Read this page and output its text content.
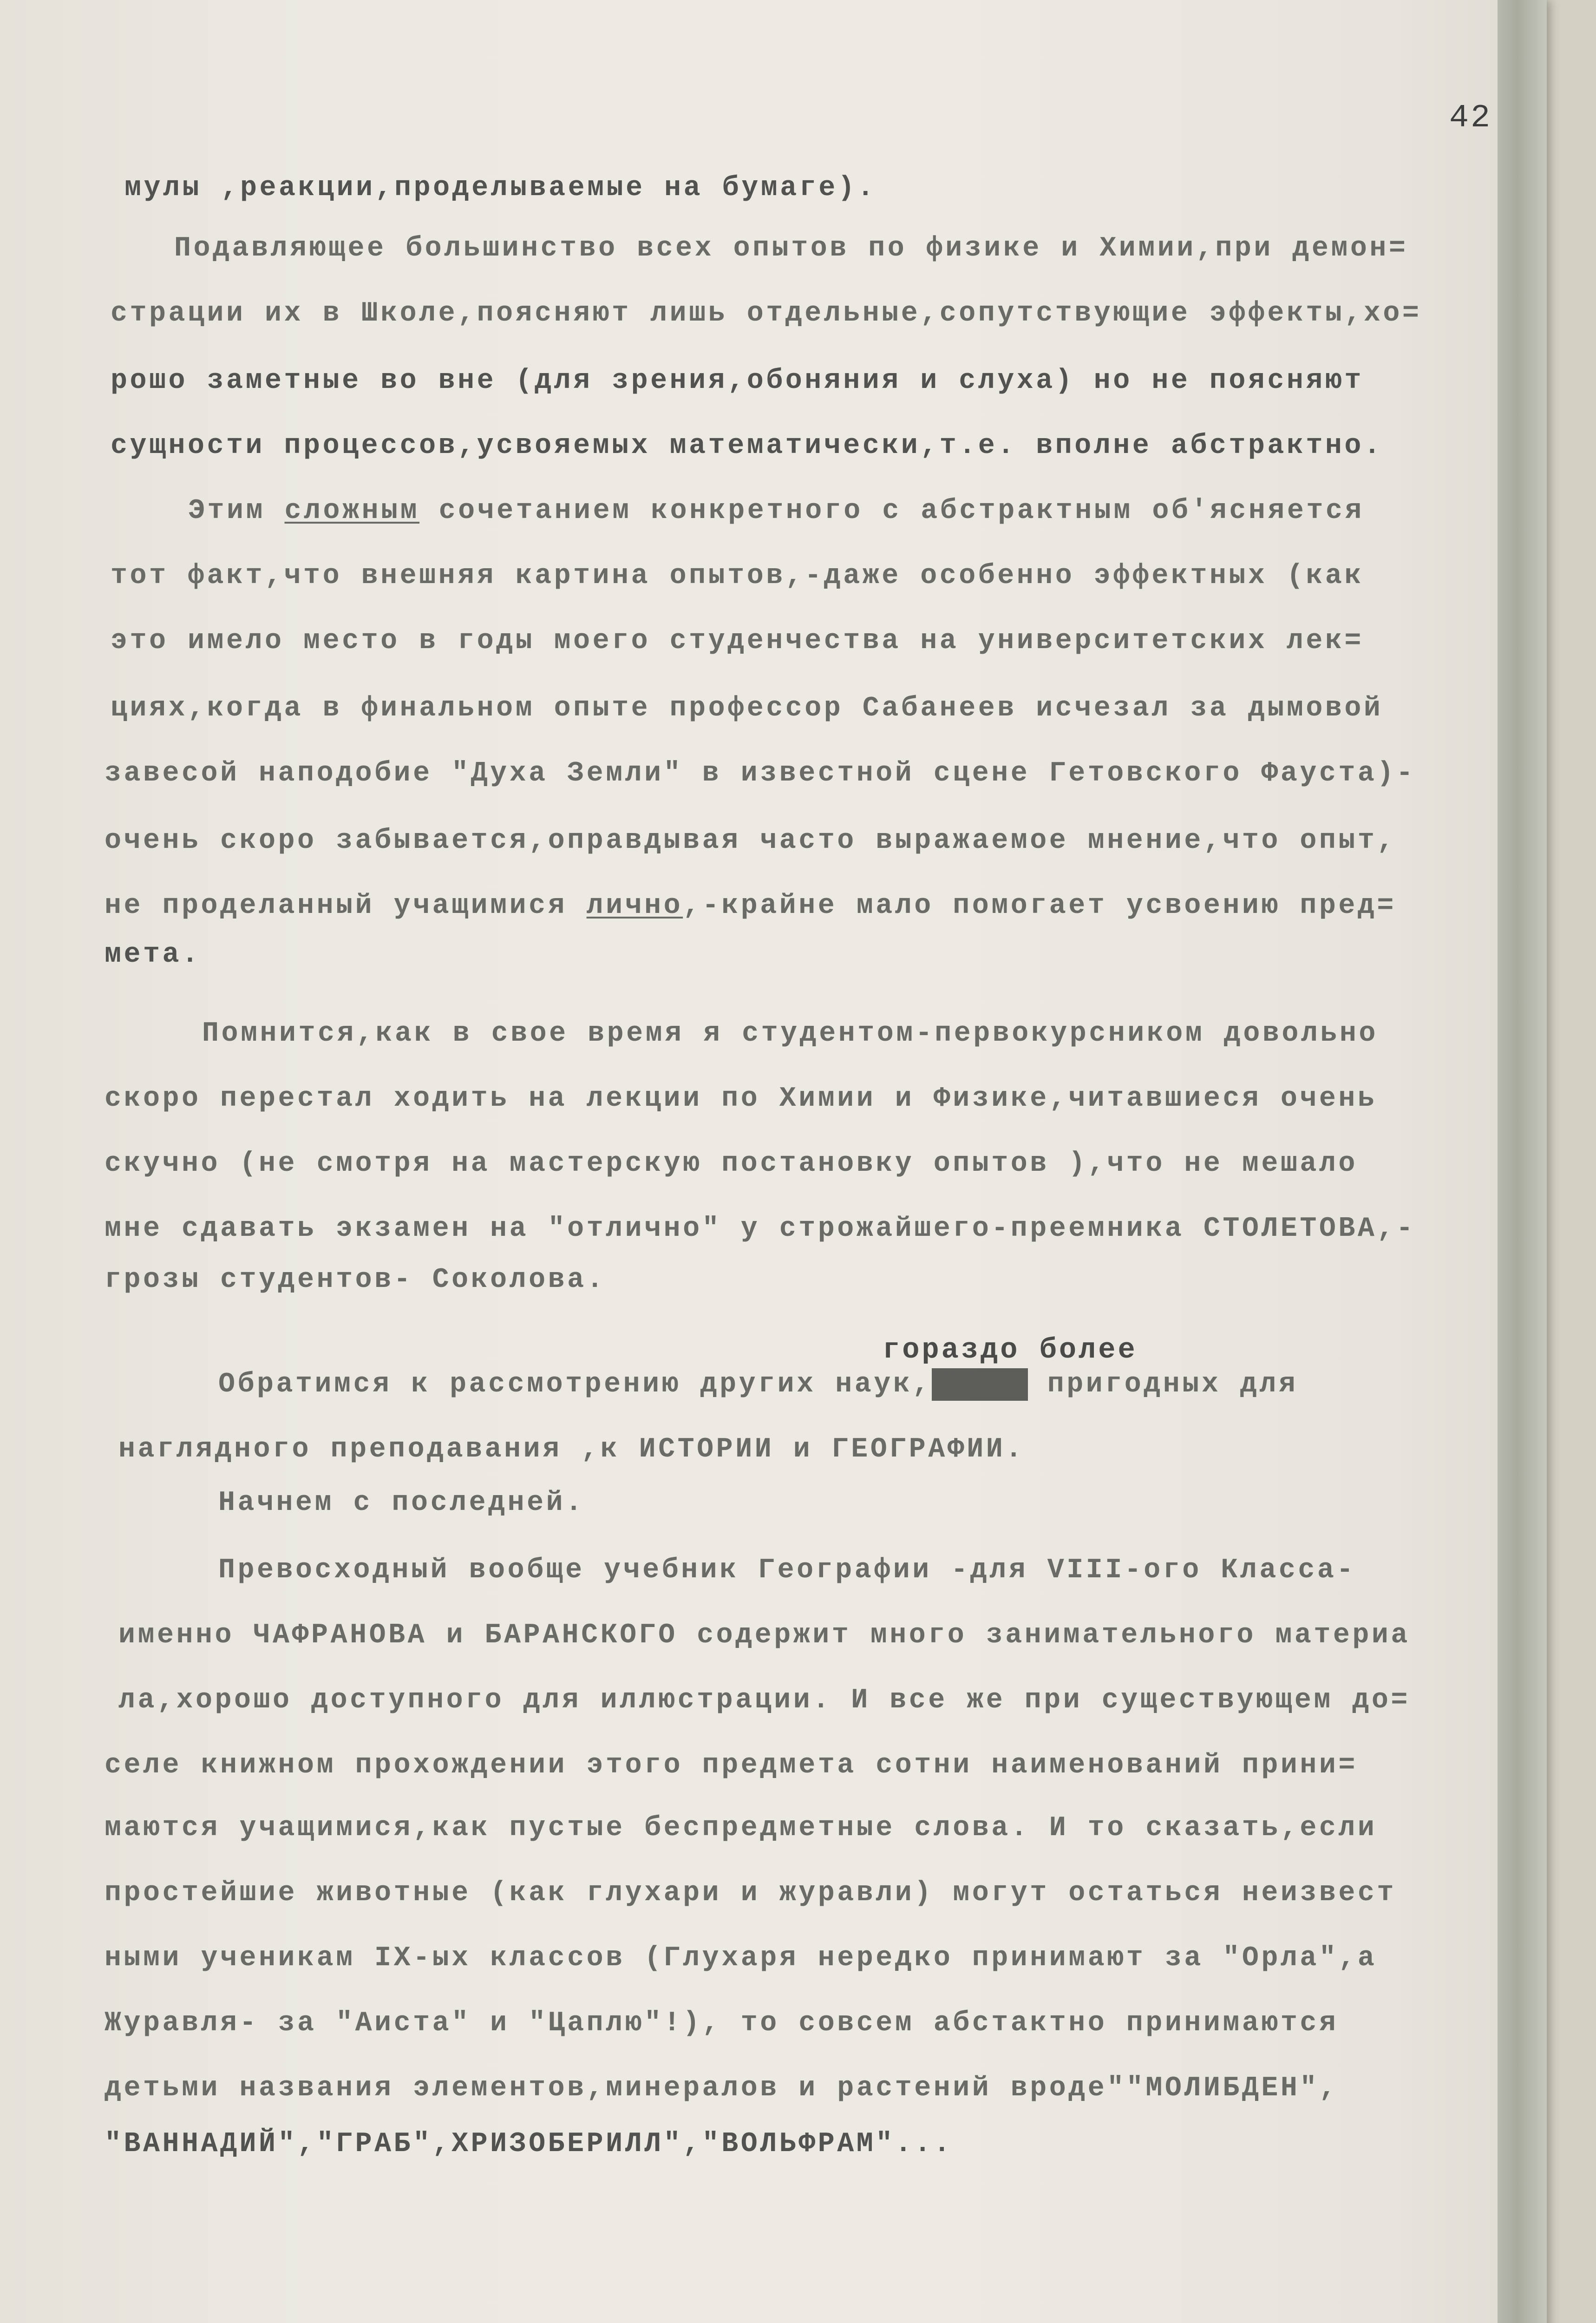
42
мулы ,реакции,проделываемые на бумаге).
Подавляющее большинство всех опытов по физике и Химии,при демон=
страции их в Школе,поясняют лишь отдельные,сопутствующие эффекты,хо=
рошо заметные во вне (для зрения,обоняния и слуха) но не поясняют
сущности процессов,усвояемых математически,т.е. вполне абстрактно.
Этим сложным сочетанием конкретного с абстрактным об'ясняется
тот факт,что внешняя картина опытов,-даже особенно эффектных (как
это имело место в годы моего студенчества на университетских лек=
циях,когда в финальном опыте профессор Сабанеев исчезал за дымовой
завесой наподобие "Духа Земли" в известной сцене Гетовского Фауста)-
очень скоро забывается,оправдывая часто выражаемое мнение,что опыт,
не проделанный учащимися лично,-крайне мало помогает усвоению пред=
мета.
Помнится,как в свое время я студентом-первокурсником довольно
скоро перестал ходить на лекции по Химии и Физике,читавшиеся очень
скучно (не смотря на мастерскую постановку опытов ),что не мешало
мне сдавать экзамен на "отлично" у строжайшего-преемника СТОЛЕТОВА,-
грозы студентов- Соколова.
гораздо более
Обратимся к рассмотрению других наук,ХХХХХ пригодных для
наглядного преподавания ,к ИСТОРИИ и ГЕОГРАФИИ.
Начнем с последней.
Превосходный вообще учебник Географии -для VIII-ого Класса-
именно ЧАФРАНОВА и БАРАНСКОГО содержит много занимательного материа
ла,хорошо доступного для иллюстрации. И все же при существующем до=
селе книжном прохождении этого предмета сотни наименований прини=
маются учащимися,как пустые беспредметные слова. И то сказать,если
простейшие животные (как глухари и журавли) могут остаться неизвест
ными ученикам IX-ых классов (Глухаря нередко принимают за "Орла",а
Журавля- за "Аиста" и "Цаплю"!), то совсем абстактно принимаются
детьми названия элементов,минералов и растений вроде""МОЛИБДЕН",
"ВАННАДИЙ","ГРАБ",ХРИЗОБЕРИЛЛ","ВОЛЬФРАМ"...
